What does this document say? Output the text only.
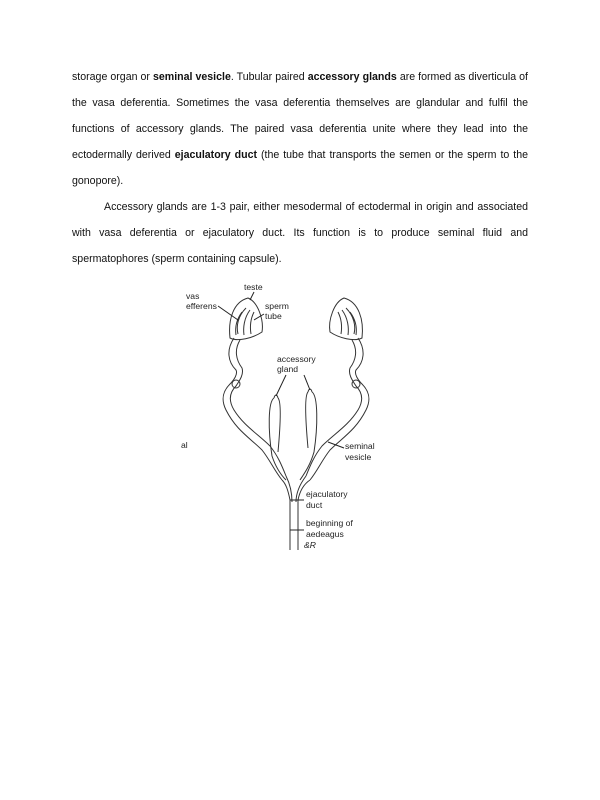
storage organ or seminal vesicle. Tubular paired accessory glands are formed as diverticula of the vasa deferentia. Sometimes the vasa deferentia themselves are glandular and fulfil the functions of accessory glands. The paired vasa deferentia unite where they lead into the ectodermally derived ejaculatory duct (the tube that transports the semen or the sperm to the gonopore).
Accessory glands are 1-3 pair, either mesodermal of ectodermal in origin and associated with vasa deferentia or ejaculatory duct. Its function is to produce seminal fluid and spermatophores (sperm containing capsule).
teste
vas
efferens	sperm
tube
accessory
gland
seminal
vesicle
ejaculatory
duct
beginning of
aedeagus
al
&R
